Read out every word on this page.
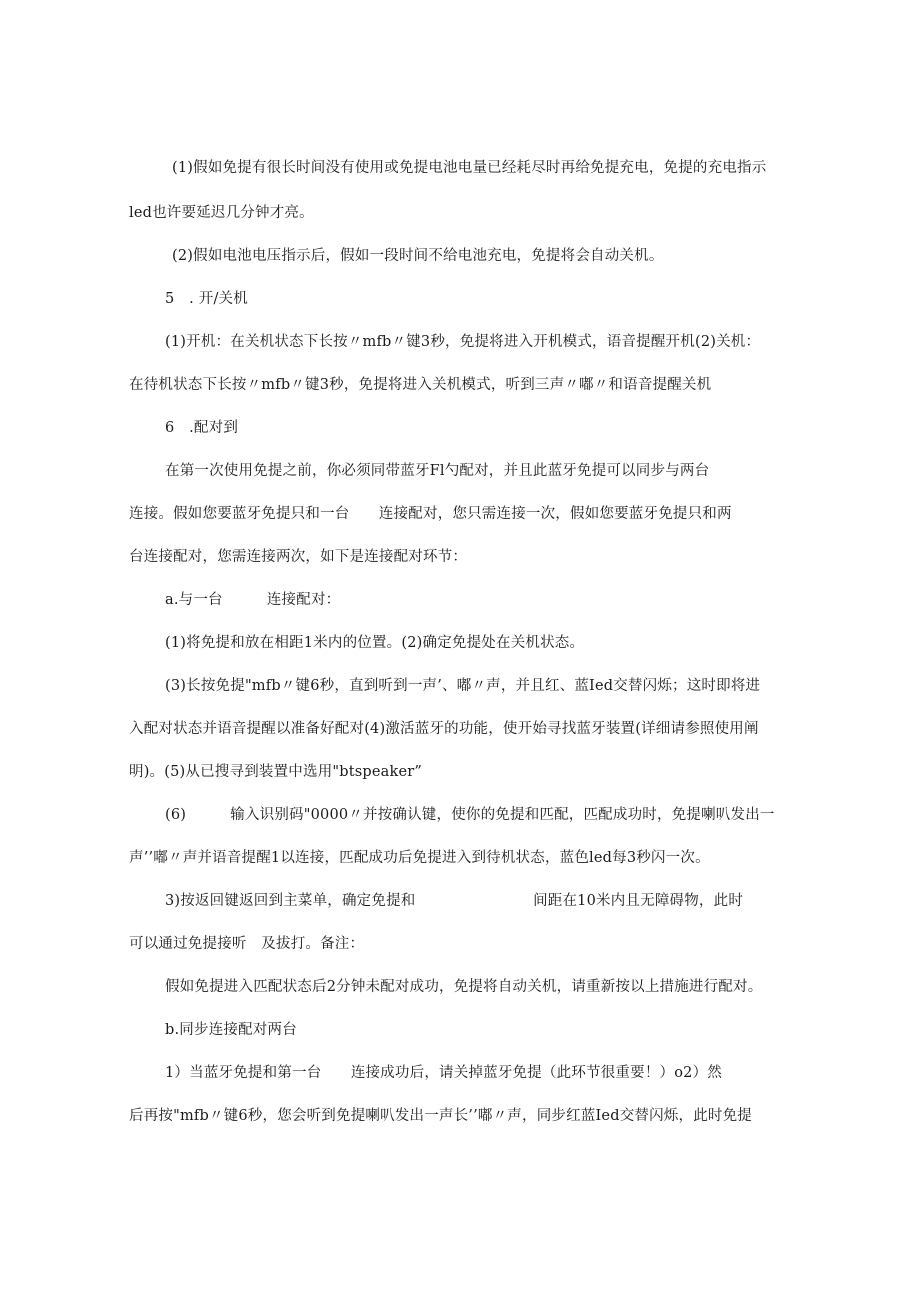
(1)假如免提有很长时间没有使用或免提电池电量已经耗尽时再给免提充电，免提的充电指示

led也许要延迟几分钟才亮。

(2)假如电池电压指示后，假如一段时间不给电池充电，免提将会自动关机。

5　. 开/关机

(1)开机：在关机状态下长按〃mfb〃键3秒，免提将进入开机模式，语音提醒开机(2)关机：

在待机状态下长按〃mfb〃键3秒，免提将进入关机模式，听到三声〃嘟〃和语音提醒关机

6　.配对到

在第一次使用免提之前，你必须同带蓝牙Fl勺配对，并且此蓝牙免提可以同步与两台

连接。假如您要蓝牙免提只和一台　　连接配对，您只需连接一次，假如您要蓝牙免提只和两

台连接配对，您需连接两次，如下是连接配对环节：

a.与一台　　　连接配对：

(1)将免提和放在相距1米内的位置。(2)确定免提处在关机状态。

(3)长按免提"mfb〃键6秒，直到听到一声’、嘟〃声，并且红、蓝Ied交替闪烁；这时即将进

入配对状态并语音提醒以准备好配对(4)激活蓝牙的功能，使开始寻找蓝牙装置(详细请参照使用阐

明)。(5)从已搜寻到装置中选用"btspeaker”

(6)　　　输入识别码"0000〃并按确认键，使你的免提和匹配，匹配成功时，免提喇叭发出一

声’’嘟〃声并语音提醒1以连接，匹配成功后免提进入到待机状态，蓝色led每3秒闪一次。

3)按返回键返回到主菜单，确定免提和　　　　　　　　间距在10米内且无障碍物，此时

可以通过免提接听　及拔打。备注：

假如免提进入匹配状态后2分钟未配对成功，免提将自动关机，请重新按以上措施进行配对。

b.同步连接配对两台

1）当蓝牙免提和第一台　　连接成功后，请关掉蓝牙免提（此环节很重要！）o2）然

后再按"mfb〃键6秒，您会听到免提喇叭发出一声长’’嘟〃声，同步红蓝Ied交替闪烁，此时免提
